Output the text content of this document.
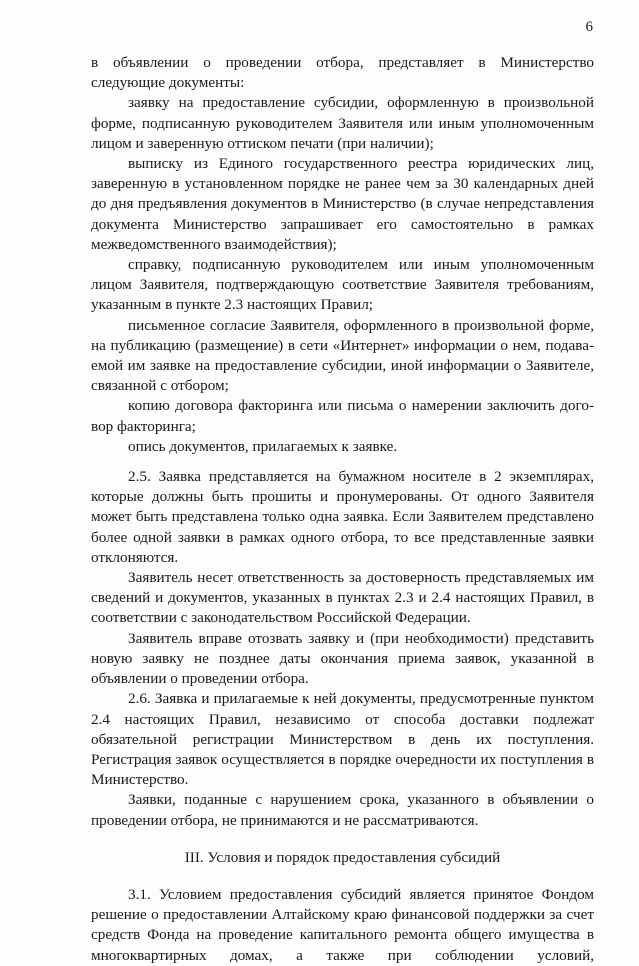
6

в объявлении о проведении отбора, представляет в Министерство следующие документы:

заявку на предоставление субсидии, оформленную в произвольной форме, подписанную руководителем Заявителя или иным уполномоченным лицом и заверенную оттиском печати (при наличии);

выписку из Единого государственного реестра юридических лиц, заверенную в установленном порядке не ранее чем за 30 календарных дней до дня предъявления документов в Министерство (в случае непредставления документа Министерство запрашивает его самостоятельно в рамках межведомственного взаимодействия);

справку, подписанную руководителем или иным уполномоченным лицом Заявителя, подтверждающую соответствие Заявителя требованиям, указанным в пункте 2.3 настоящих Правил;

письменное согласие Заявителя, оформленного в произвольной форме, на публикацию (размещение) в сети «Интернет» информации о нем, подаваемой им заявке на предоставление субсидии, иной информации о Заявителе, связанной с отбором;

копию договора факторинга или письма о намерении заключить договор факторинга;

опись документов, прилагаемых к заявке.

2.5. Заявка представляется на бумажном носителе в 2 экземплярах, которые должны быть прошиты и пронумерованы. От одного Заявителя может быть представлена только одна заявка. Если Заявителем представлено более одной заявки в рамках одного отбора, то все представленные заявки отклоняются.

Заявитель несет ответственность за достоверность представляемых им сведений и документов, указанных в пунктах 2.3 и 2.4 настоящих Правил, в соответствии с законодательством Российской Федерации.

Заявитель вправе отозвать заявку и (при необходимости) представить новую заявку не позднее даты окончания приема заявок, указанной в объявлении о проведении отбора.

2.6. Заявка и прилагаемые к ней документы, предусмотренные пунктом 2.4 настоящих Правил, независимо от способа доставки подлежат обязательной регистрации Министерством в день их поступления. Регистрация заявок осуществляется в порядке очередности их поступления в Министерство.

Заявки, поданные с нарушением срока, указанного в объявлении о проведении отбора, не принимаются и не рассматриваются.

III. Условия и порядок предоставления субсидий

3.1. Условием предоставления субсидий является принятое Фондом решение о предоставлении Алтайскому краю финансовой поддержки за счет средств Фонда на проведение капитального ремонта общего имущества в многоквартирных домах, а также при соблюдении условий,
